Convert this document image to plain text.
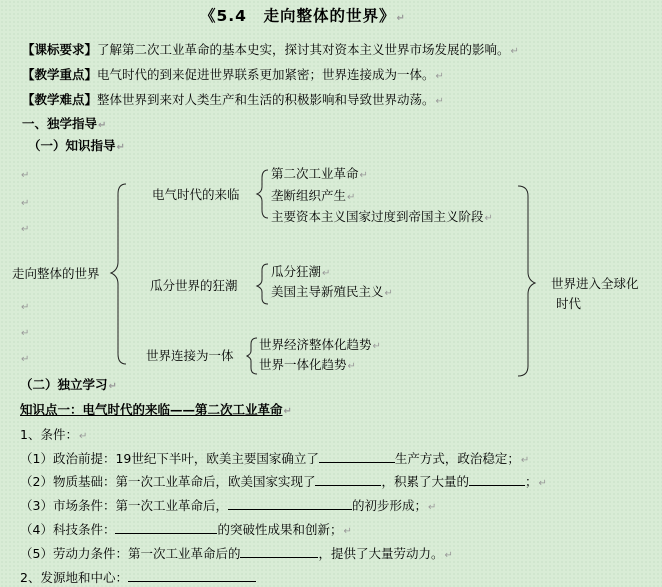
《5.4　走向整体的世界》↵
【课标要求】了解第二次工业革命的基本史实，探讨其对资本主义世界市场发展的影响。↵
【教学重点】电气时代的到来促进世界联系更加紧密；世界连接成为一体。↵
【教学难点】整体世界到来对人类生产和生活的积极影响和导致世界动荡。↵
一、独学指导↵
（一）知识指导↵
↵
↵
↵
↵
↵
↵
走向整体的世界
电气时代的来临
第二次工业革命↵
垄断组织产生↵
主要资本主义国家过度到帝国主义阶段↵
瓜分世界的狂潮
瓜分狂潮↵
美国主导新殖民主义↵
世界连接为一体
世界经济整体化趋势↵
世界一体化趋势↵
世界进入全球化
时代
（二）独立学习↵
知识点一：电气时代的来临——第二次工业革命↵
1、条件：↵
（1）政治前提：19世纪下半叶，欧美主要国家确立了	生产方式，政治稳定；↵
（2）物质基础：第一次工业革命后，欧美国家实现了	，积累了大量的	；↵
（3）市场条件：第一次工业革命后，	的初步形成；↵
（4）科技条件：	的突破性成果和创新；↵
（5）劳动力条件：第一次工业革命后的	，提供了大量劳动力。↵
2、发源地和中心：
